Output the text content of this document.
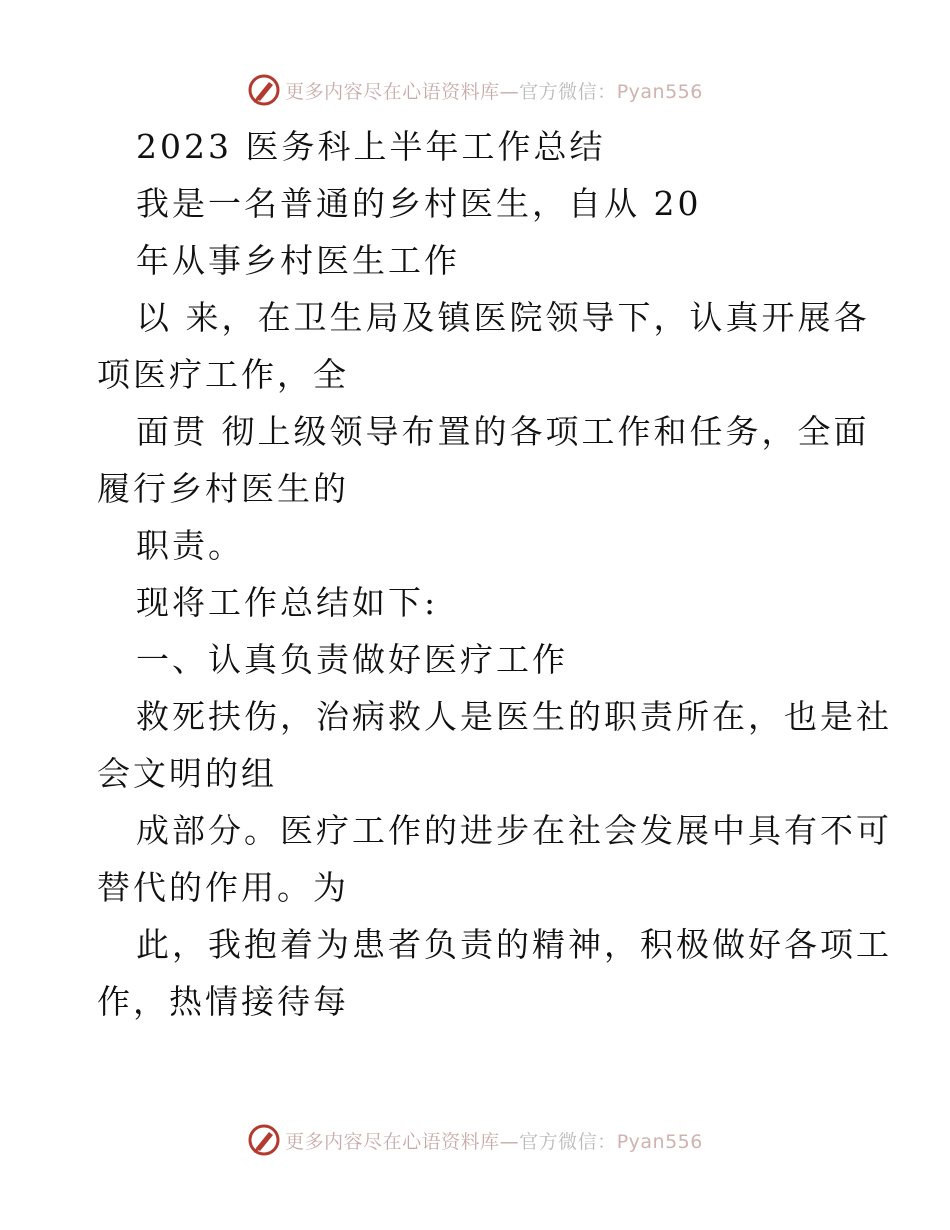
更多内容尽在心语资料库—官方微信：Pyan556
2023 医务科上半年工作总结
我是一名普通的乡村医生，自从 20
年从事乡村医生工作
以 来，在卫生局及镇医院领导下，认真开展各
项医疗工作，全
面贯 彻上级领导布置的各项工作和任务，全面
履行乡村医生的
职责。
现将工作总结如下:
一、认真负责做好医疗工作
救死扶伤，治病救人是医生的职责所在，也是社
会文明的组
成部分。医疗工作的进步在社会发展中具有不可
替代的作用。为
此，我抱着为患者负责的精神，积极做好各项工
作，热情接待每
更多内容尽在心语资料库—官方微信：Pyan556
